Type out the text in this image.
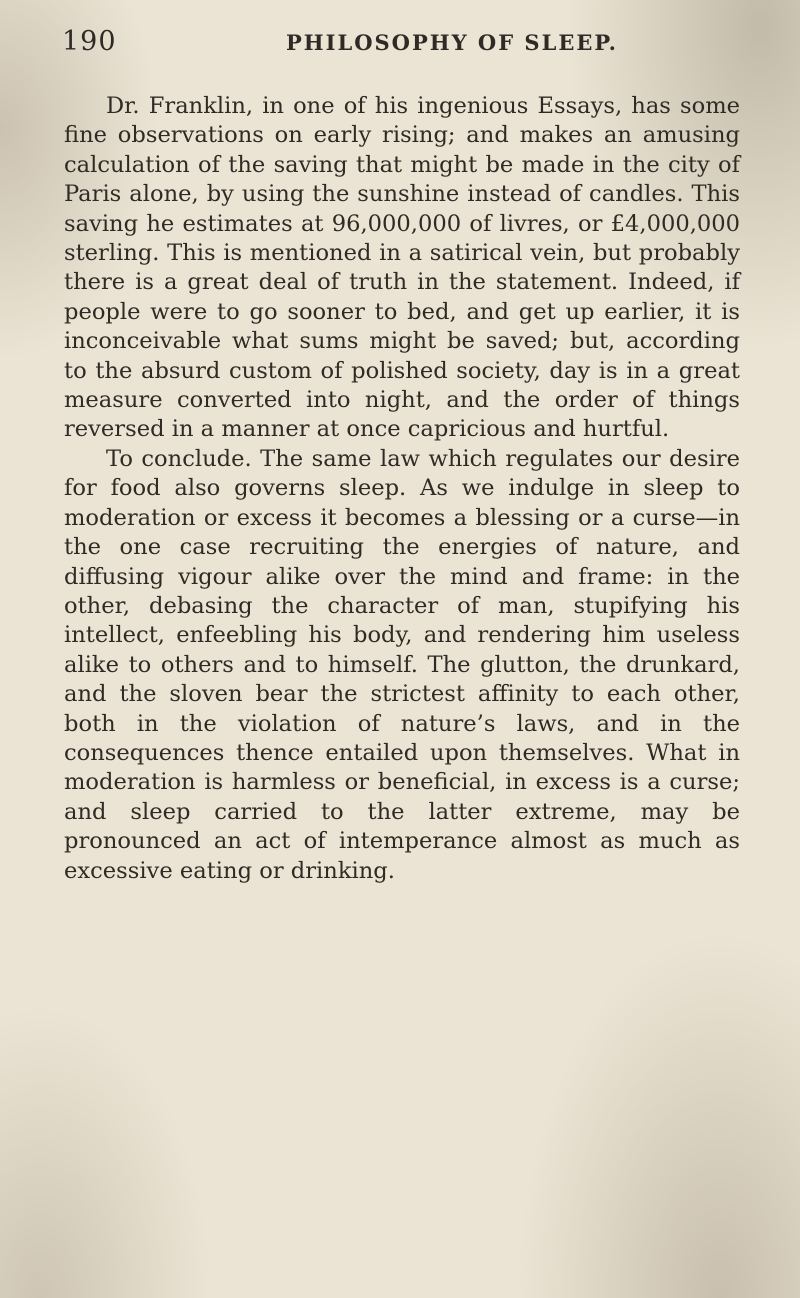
190	PHILOSOPHY OF SLEEP.

Dr. Franklin, in one of his ingenious Essays, has some fine observations on early rising; and makes an amusing calculation of the saving that might be made in the city of Paris alone, by using the sunshine instead of candles. This saving he estimates at 96,000,000 of livres, or £4,000,000 sterling. This is mentioned in a satirical vein, but probably there is a great deal of truth in the statement. Indeed, if people were to go sooner to bed, and get up earlier, it is inconceivable what sums might be saved; but, according to the absurd custom of polished society, day is in a great measure converted into night, and the order of things reversed in a manner at once capricious and hurtful.

To conclude. The same law which regulates our desire for food also governs sleep. As we indulge in sleep to moderation or excess it becomes a blessing or a curse—in the one case recruiting the energies of nature, and diffusing vigour alike over the mind and frame: in the other, debasing the character of man, stupifying his intellect, enfeebling his body, and rendering him useless alike to others and to himself. The glutton, the drunkard, and the sloven bear the strictest affinity to each other, both in the violation of nature’s laws, and in the consequences thence entailed upon themselves. What in moderation is harmless or beneficial, in excess is a curse; and sleep carried to the latter extreme, may be pronounced an act of intemperance almost as much as excessive eating or drinking.
